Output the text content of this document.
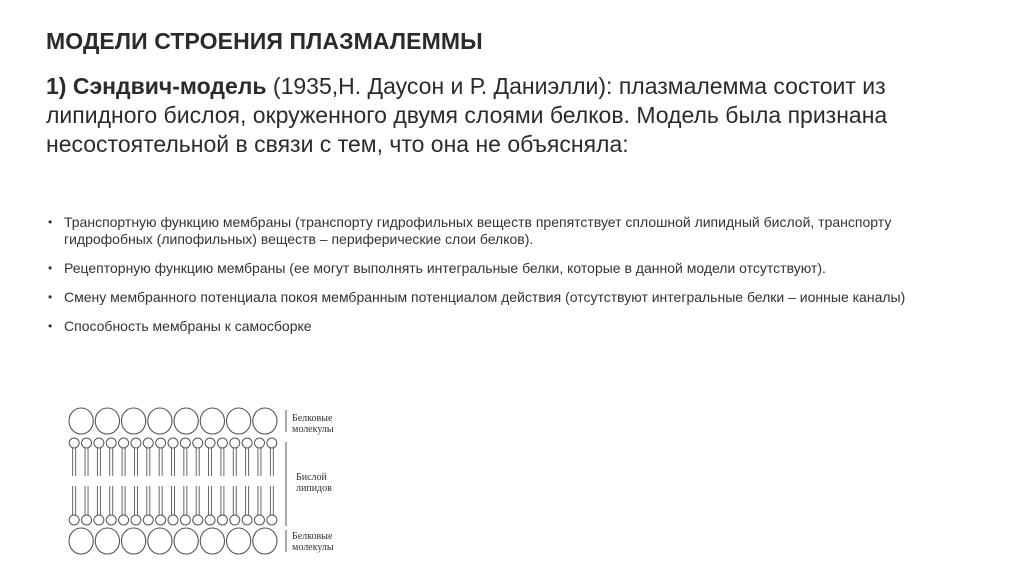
МОДЕЛИ СТРОЕНИЯ ПЛАЗМАЛЕММЫ
1) Сэндвич-модель (1935,Н. Даусон и Р. Даниэлли): плазмалемма состоит из липидного бислоя, окруженного двумя слоями белков. Модель была признана несостоятельной в связи с тем, что она не объясняла:
• Транспортную функцию мембраны (транспорту гидрофильных веществ препятствует сплошной липидный бислой, транспорту гидрофобных (липофильных) веществ – периферические слои белков).
• Рецепторную функцию мембраны (ее могут выполнять интегральные белки, которые в данной модели отсутствуют).
• Смену мембранного потенциала покоя мембранным потенциалом действия (отсутствуют интегральные белки – ионные каналы)
• Способность мембраны к самосборке
Белковые
молекулы
Бислой
липидов
Белковые
молекулы
